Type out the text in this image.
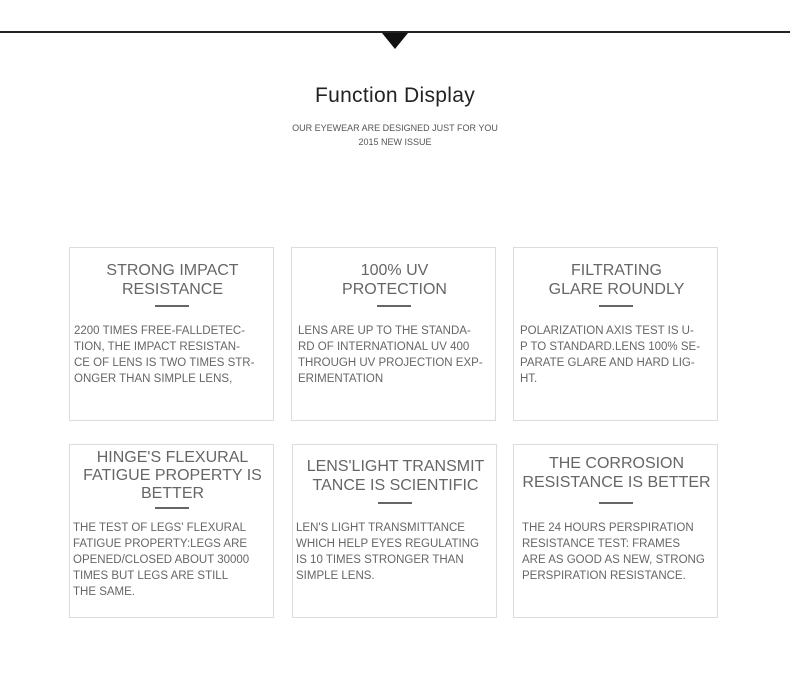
Function Display
OUR EYEWEAR ARE DESIGNED JUST FOR YOU
2015 NEW ISSUE
STRONG IMPACT
RESISTANCE
2200 TIMES FREE-FALLDETEC-
TION, THE IMPACT RESISTAN-
CE OF LENS IS TWO TIMES STR-
ONGER THAN SIMPLE LENS,
100% UV
PROTECTION
LENS ARE UP TO THE STANDA-
RD OF INTERNATIONAL UV 400
THROUGH UV PROJECTION EXP-
ERIMENTATION
FILTRATING
GLARE ROUNDLY
POLARIZATION AXIS TEST IS U-
P TO STANDARD.LENS 100% SE-
PARATE GLARE AND HARD LIG-
HT.
HINGE'S FLEXURAL
FATIGUE PROPERTY IS
BETTER
THE TEST OF LEGS' FLEXURAL
FATIGUE PROPERTY:LEGS ARE
OPENED/CLOSED ABOUT 30000
TIMES BUT LEGS ARE STILL
THE SAME.
LENS'LIGHT TRANSMIT
TANCE IS SCIENTIFIC
LEN'S LIGHT TRANSMITTANCE
WHICH HELP EYES REGULATING
IS 10 TIMES STRONGER THAN
SIMPLE LENS.
THE CORROSION
RESISTANCE IS BETTER
THE 24 HOURS PERSPIRATION
RESISTANCE TEST: FRAMES
ARE AS GOOD AS NEW, STRONG
PERSPIRATION RESISTANCE.
